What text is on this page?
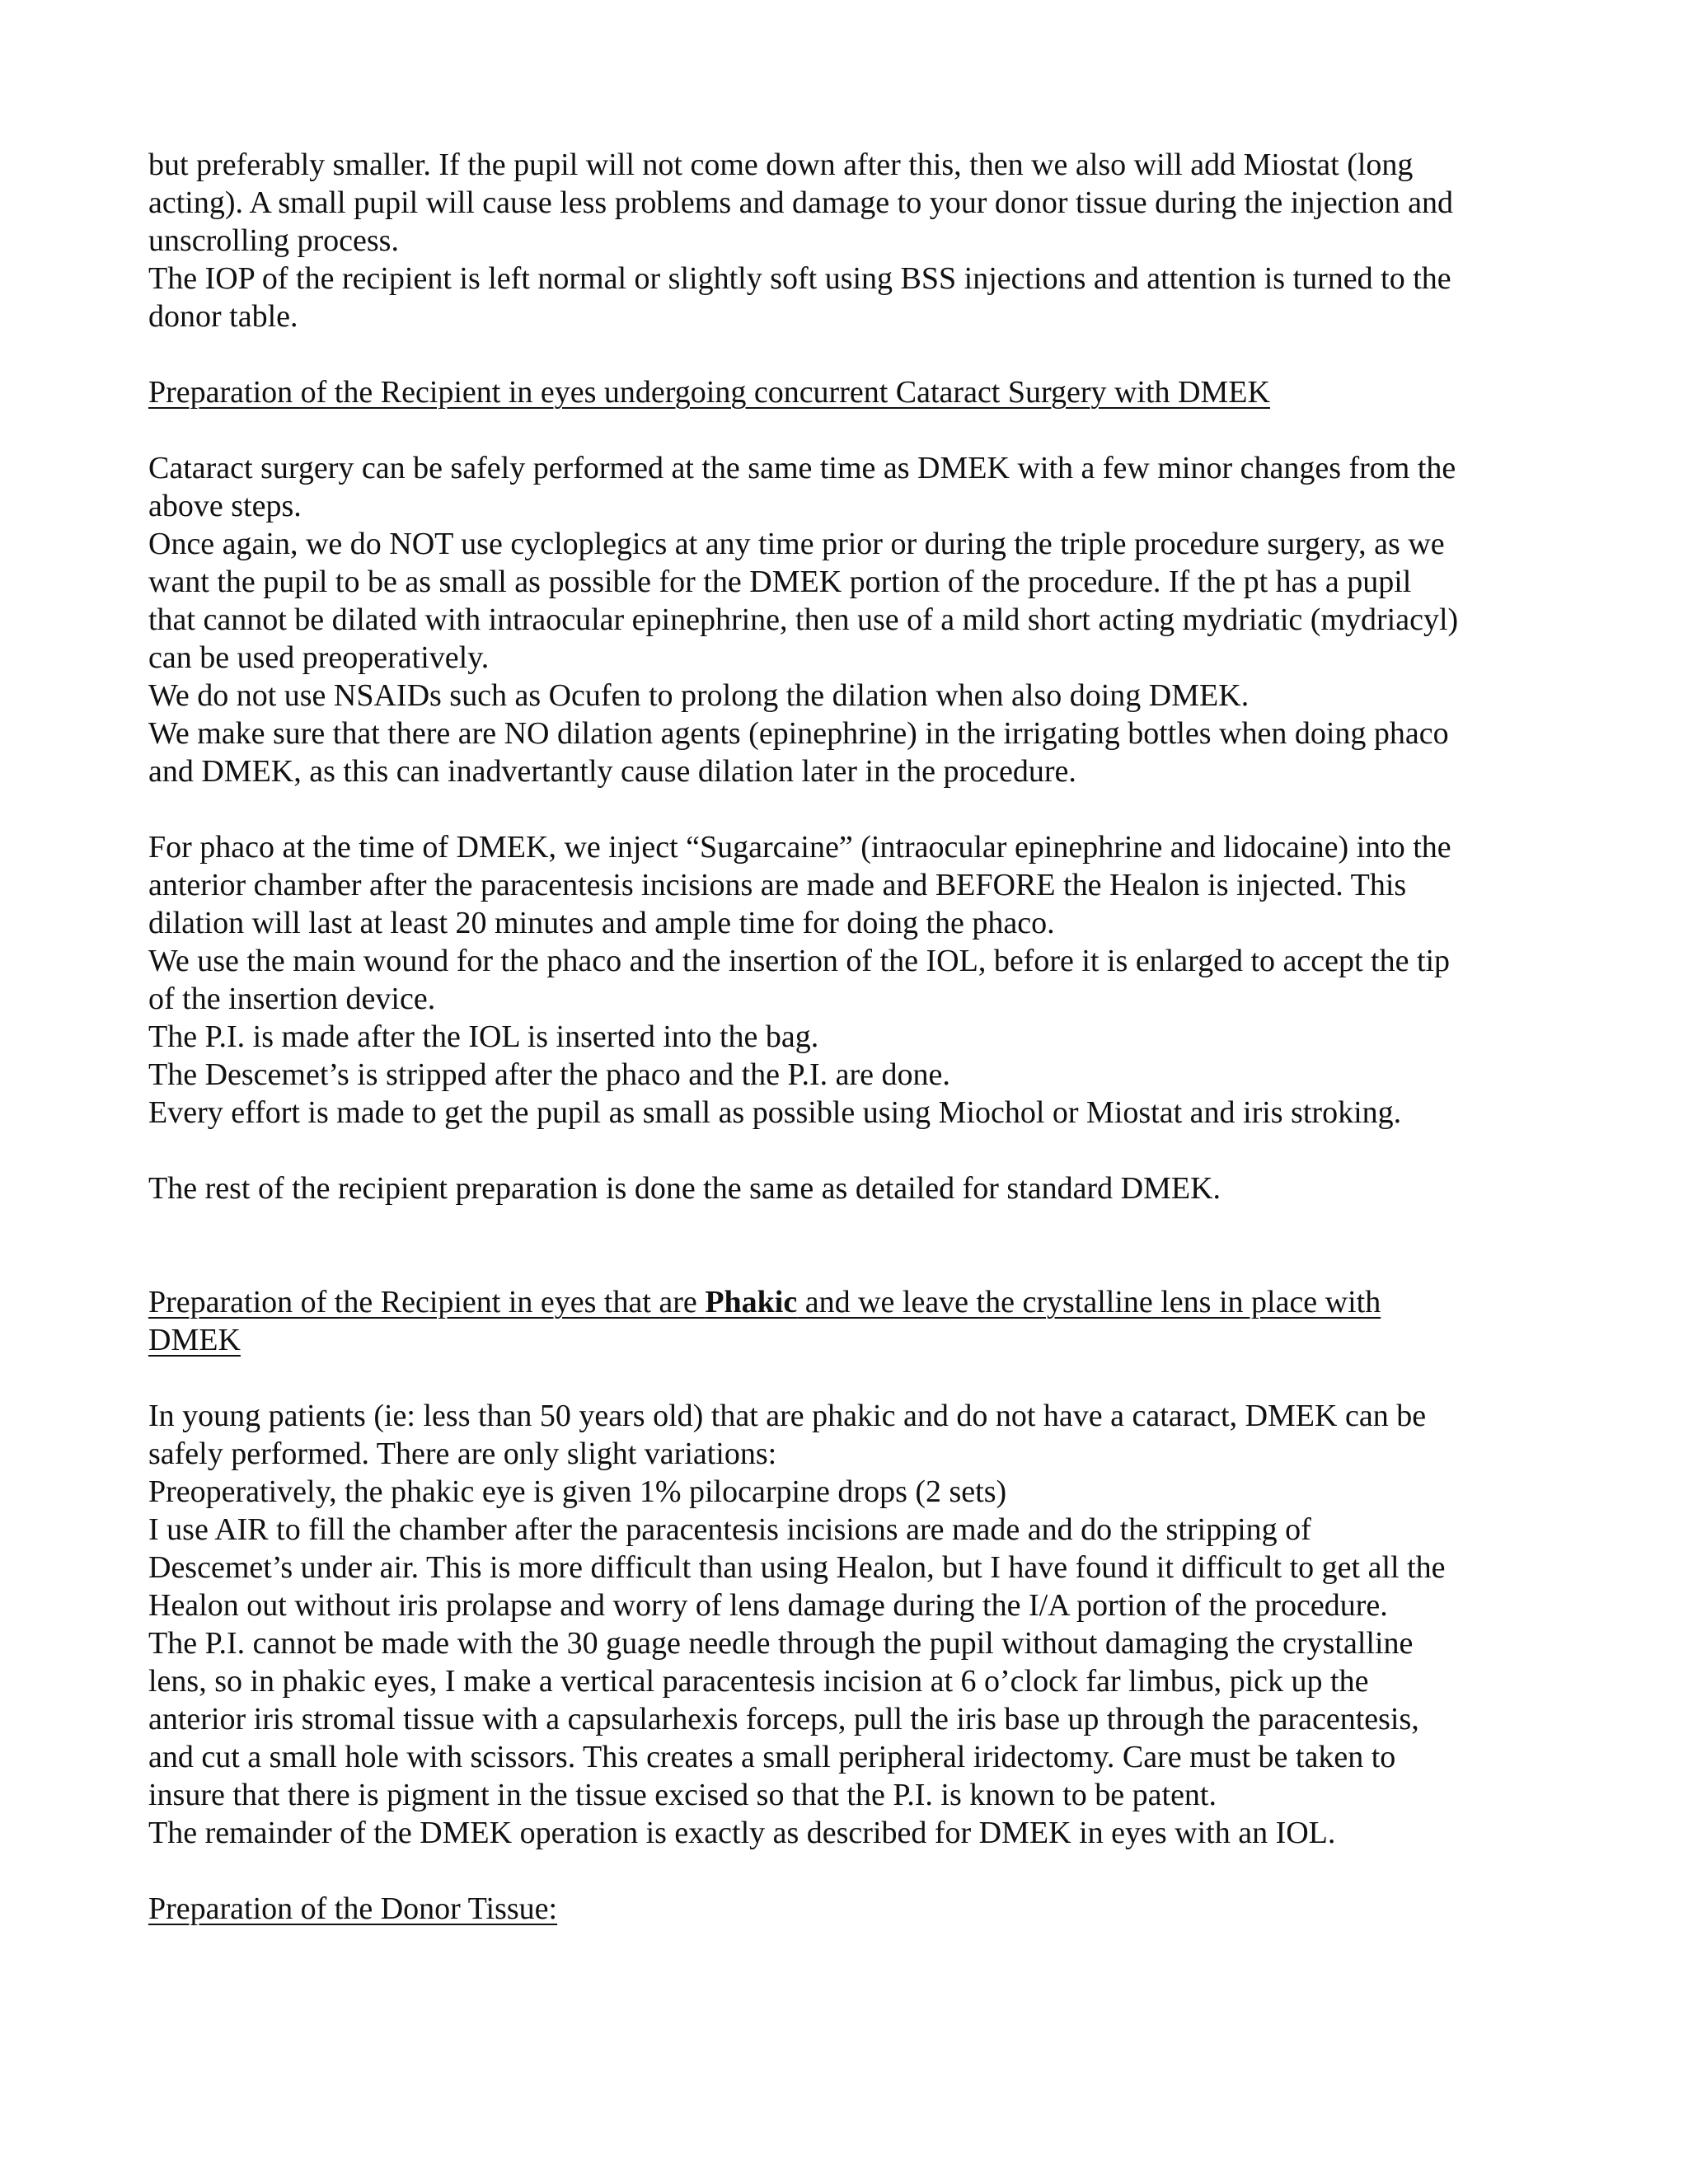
but preferably smaller. If the pupil will not come down after this, then we also will add Miostat (long

acting). A small pupil will cause less problems and damage to your donor tissue during the injection and

unscrolling process.

The IOP of the recipient is left normal or slightly soft using BSS injections and attention is turned to the

donor table.

Preparation of the Recipient in eyes undergoing concurrent Cataract Surgery with DMEK

Cataract surgery can be safely performed at the same time as DMEK with a few minor changes from the

above steps.

Once again, we do NOT use cycloplegics at any time prior or during the triple procedure surgery, as we

want the pupil to be as small as possible for the DMEK portion of the procedure. If the pt has a pupil

that cannot be dilated with intraocular epinephrine, then use of a mild short acting mydriatic (mydriacyl)

can be used preoperatively.

We do not use NSAIDs such as Ocufen to prolong the dilation when also doing DMEK.

We make sure that there are NO dilation agents (epinephrine) in the irrigating bottles when doing phaco

and DMEK, as this can inadvertantly cause dilation later in the procedure.

For phaco at the time of DMEK, we inject “Sugarcaine” (intraocular epinephrine and lidocaine) into the

anterior chamber after the paracentesis incisions are made and BEFORE the Healon is injected. This

dilation will last at least 20 minutes and ample time for doing the phaco.

We use the main wound for the phaco and the insertion of the IOL, before it is enlarged to accept the tip

of the insertion device.

The P.I. is made after the IOL is inserted into the bag.

The Descemet’s is stripped after the phaco and the P.I. are done.

Every effort is made to get the pupil as small as possible using Miochol or Miostat and iris stroking.

The rest of the recipient preparation is done the same as detailed for standard DMEK.

Preparation of the Recipient in eyes that are Phakic and we leave the crystalline lens in place with

DMEK

In young patients (ie: less than 50 years old) that are phakic and do not have a cataract, DMEK can be

safely performed. There are only slight variations:

Preoperatively, the phakic eye is given 1% pilocarpine drops (2 sets)

I use AIR to fill the chamber after the paracentesis incisions are made and do the stripping of

Descemet’s under air. This is more difficult than using Healon, but I have found it difficult to get all the

Healon out without iris prolapse and worry of lens damage during the I/A portion of the procedure.

The P.I. cannot be made with the 30 guage needle through the pupil without damaging the crystalline

lens, so in phakic eyes, I make a vertical paracentesis incision at 6 o’clock far limbus, pick up the

anterior iris stromal tissue with a capsularhexis forceps, pull the iris base up through the paracentesis,

and cut a small hole with scissors. This creates a small peripheral iridectomy. Care must be taken to

insure that there is pigment in the tissue excised so that the P.I. is known to be patent.

The remainder of the DMEK operation is exactly as described for DMEK in eyes with an IOL.

Preparation of the Donor Tissue:
